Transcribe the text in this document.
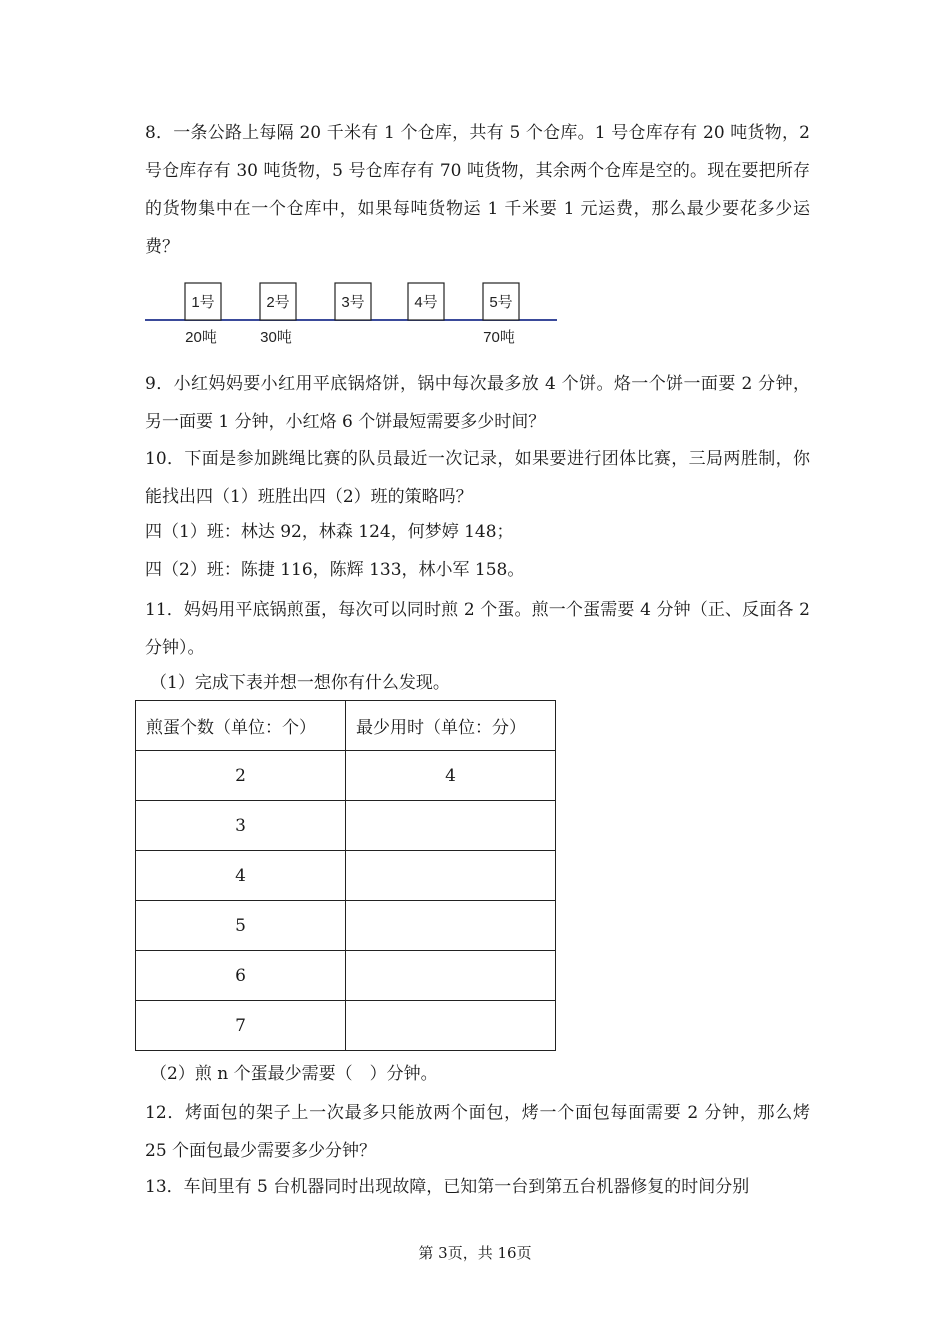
8．一条公路上每隔 20 千米有 1 个仓库，共有 5 个仓库。1 号仓库存有 20 吨货物，2 号仓库存有 30 吨货物，5 号仓库存有 70 吨货物，其余两个仓库是空的。现在要把所存的货物集中在一个仓库中，如果每吨货物运 1 千米要 1 元运费，那么最少要花多少运费？

1号	2号	3号	4号	5号
20吨	30吨	70吨

9．小红妈妈要小红用平底锅烙饼，锅中每次最多放 4 个饼。烙一个饼一面要 2 分钟，另一面要 1 分钟，小红烙 6 个饼最短需要多少时间？

10．下面是参加跳绳比赛的队员最近一次记录，如果要进行团体比赛，三局两胜制，你能找出四（1）班胜出四（2）班的策略吗？

四（1）班：林达 92，林森 124，何梦婷 148；
四（2）班：陈捷 116，陈辉 133，林小军 158。

11．妈妈用平底锅煎蛋，每次可以同时煎 2 个蛋。煎一个蛋需要 4 分钟（正、反面各 2 分钟）。

（1）完成下表并想一想你有什么发现。
煎蛋个数（单位：个）	最少用时（单位：分）
2	4
3	
4	
5	
6	
7	
（2）煎 n 个蛋最少需要（　）分钟。

12．烤面包的架子上一次最多只能放两个面包，烤一个面包每面需要 2 分钟，那么烤 25 个面包最少需要多少分钟？

13．车间里有 5 台机器同时出现故障，已知第一台到第五台机器修复的时间分别

第 3页，共 16页
